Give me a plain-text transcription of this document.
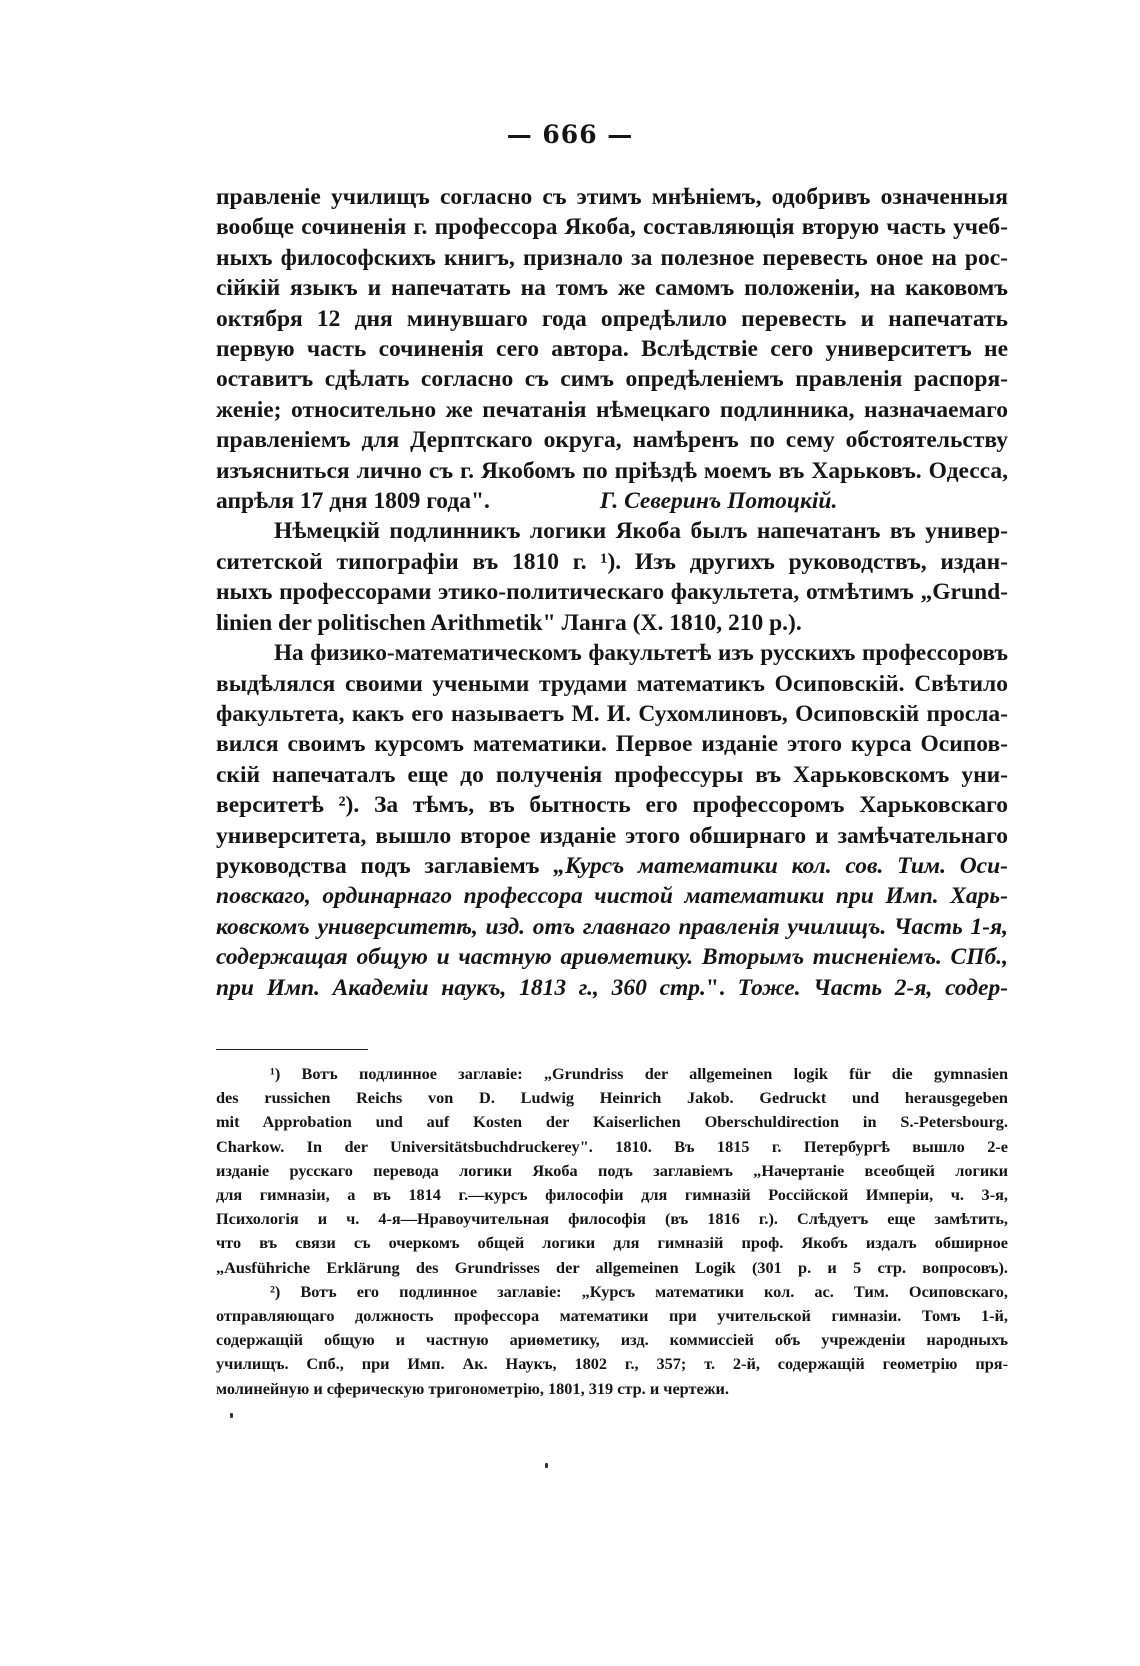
— 666 —
правленіе училищъ согласно съ этимъ мнѣніемъ, одобривъ означенныя
вообще сочиненія г. профессора Якоба, составляющія вторую часть учеб-
ныхъ философскихъ книгъ, признало за полезное перевесть оное на рос-
сійкій языкъ и напечатать на томъ же самомъ положеніи, на каковомъ
октября 12 дня минувшаго года опредѣлило перевесть и напечатать
первую часть сочиненія сего автора. Вслѣдствіе сего университетъ не
оставитъ сдѣлать согласно съ симъ опредѣленіемъ правленія распоря-
женіе; относительно же печатанія нѣмецкаго подлинника, назначаемаго
правленіемъ для Дерптскаго округа, намѣренъ по сему обстоятельству
изъясниться лично съ г. Якобомъ по пріѣздѣ моемъ въ Харьковъ. Одесса,
апрѣля 17 дня 1809 года".	Г. Северинъ Потоцкій.
Нѣмецкій подлинникъ логики Якоба былъ напечатанъ въ универ-
ситетской типографіи въ 1810 г. ¹). Изъ другихъ руководствъ, издан-
ныхъ профессорами этико-политическаго факультета, отмѣтимъ „Grund-
linien der politischen Arithmetik" Ланга (Х. 1810, 210 р.).
На физико-математическомъ факультетѣ изъ русскихъ профессоровъ
выдѣлялся своими учеными трудами математикъ Осиповскій. Свѣтило
факультета, какъ его называетъ М. И. Сухомлиновъ, Осиповскій просла-
вился своимъ курсомъ математики. Первое изданіе этого курса Осипов-
скій напечаталъ еще до полученія профессуры въ Харьковскомъ уни-
верситетѣ ²). За тѣмъ, въ бытность его профессоромъ Харьковскаго
университета, вышло второе изданіе этого обширнаго и замѣчательнаго
руководства подъ заглавіемъ „Курсъ математики кол. сов. Тим. Оси-
повскаго, ординарнаго профессора чистой математики при Имп. Харь-
ковскомъ университетѣ, изд. отъ главнаго правленія училищъ. Часть 1-я,
содержащая общую и частную ариѳметику. Вторымъ тисненіемъ. СПб.,
при Имп. Академіи наукъ, 1813 г., 360 стр.". Тоже. Часть 2-я, содер-
¹) Вотъ подлинное заглавіе: „Grundriss der allgemeinen logik für die gymnasien
des russichen Reichs von D. Ludwig Heinrich Jakob. Gedruckt und herausgegeben
mit Approbation und auf Kosten der Kaiserlichen Oberschuldirection in S.-Petersbourg.
Charkow. In der Universitätsbuchdruckerey". 1810. Въ 1815 г. Петербургѣ вышло 2-е
изданіе русскаго перевода логики Якоба подъ заглавіемъ „Начертаніе всеобщей логики
для гимназіи, а въ 1814 г.—курсъ философіи для гимназій Россійской Имперіи, ч. 3-я,
Психологія и ч. 4-я—Нравоучительная философія (въ 1816 г.). Слѣдуетъ еще замѣтить,
что въ связи съ очеркомъ общей логики для гимназій проф. Якобъ издалъ обширное
„Ausführiche Erklärung des Grundrisses der allgemeinen Logik (301 р. и 5 стр. вопросовъ).
²) Вотъ его подлинное заглавіе: „Курсъ математики кол. ас. Тим. Осиповскаго,
отправляющаго должность профессора математики при учительской гимназіи. Томъ 1-й,
содержащій общую и частную ариѳметику, изд. коммиссіей объ учрежденіи народныхъ
училищъ. Спб., при Имп. Ак. Наукъ, 1802 г., 357; т. 2-й, содержащій геометрію пря-
молинейную и сферическую тригонометрію, 1801, 319 стр. и чертежи.
